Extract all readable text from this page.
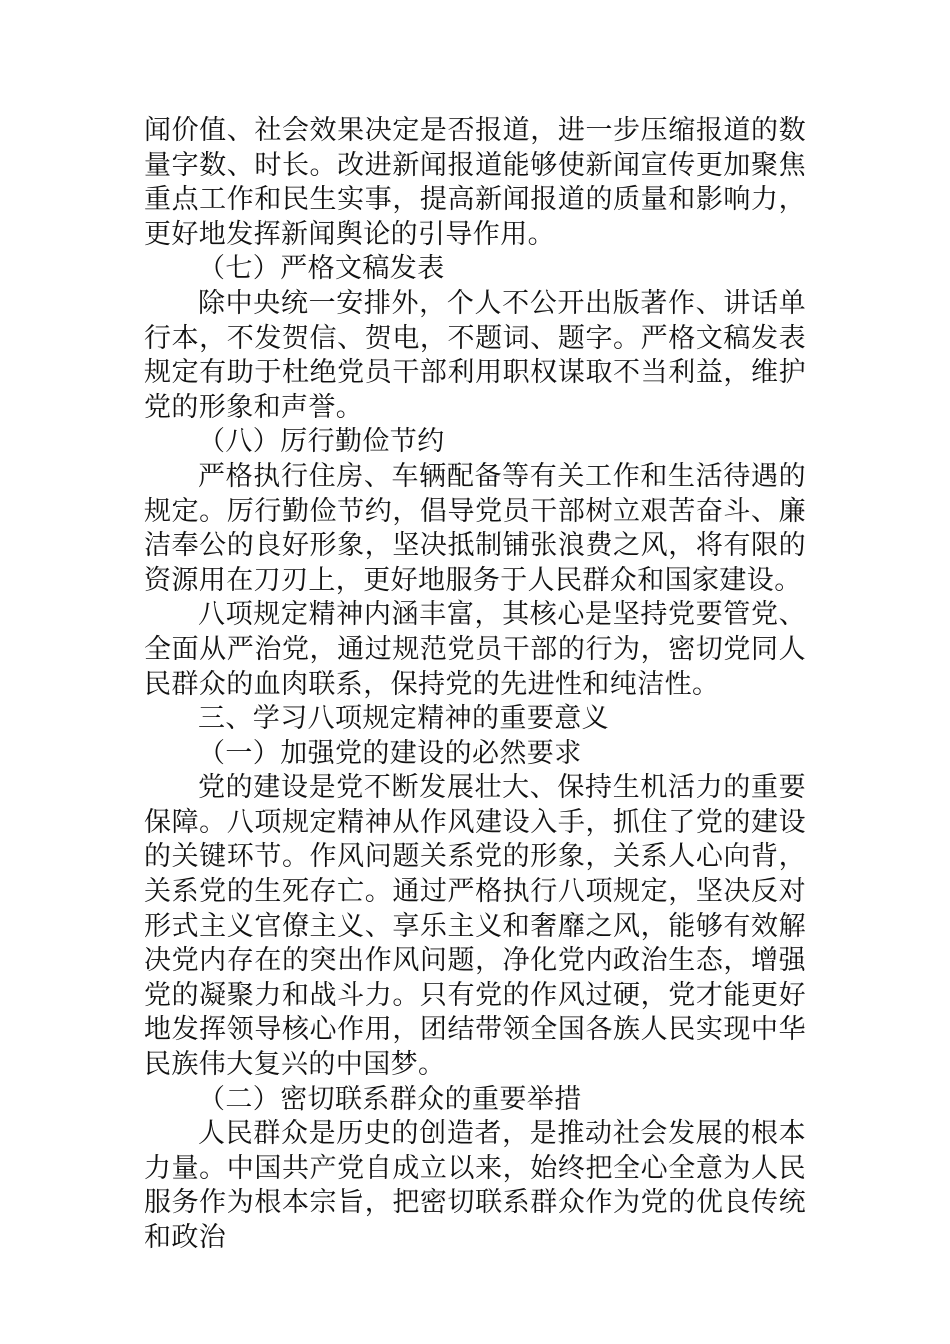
闻价值、社会效果决定是否报道，进一步压缩报道的数量字数、时长。改进新闻报道能够使新闻宣传更加聚焦重点工作和民生实事，提高新闻报道的质量和影响力，更好地发挥新闻舆论的引导作用。

（七）严格文稿发表

除中央统一安排外，个人不公开出版著作、讲话单行本，不发贺信、贺电，不题词、题字。严格文稿发表规定有助于杜绝党员干部利用职权谋取不当利益，维护党的形象和声誉。

（八）厉行勤俭节约

严格执行住房、车辆配备等有关工作和生活待遇的规定。厉行勤俭节约，倡导党员干部树立艰苦奋斗、廉洁奉公的良好形象，坚决抵制铺张浪费之风，将有限的资源用在刀刃上，更好地服务于人民群众和国家建设。

八项规定精神内涵丰富，其核心是坚持党要管党、全面从严治党，通过规范党员干部的行为，密切党同人民群众的血肉联系，保持党的先进性和纯洁性。

三、学习八项规定精神的重要意义

（一）加强党的建设的必然要求

党的建设是党不断发展壮大、保持生机活力的重要保障。八项规定精神从作风建设入手，抓住了党的建设的关键环节。作风问题关系党的形象，关系人心向背，关系党的生死存亡。通过严格执行八项规定，坚决反对形式主义官僚主义、享乐主义和奢靡之风，能够有效解决党内存在的突出作风问题，净化党内政治生态，增强党的凝聚力和战斗力。只有党的作风过硬，党才能更好地发挥领导核心作用，团结带领全国各族人民实现中华民族伟大复兴的中国梦。

（二）密切联系群众的重要举措

人民群众是历史的创造者，是推动社会发展的根本力量。中国共产党自成立以来，始终把全心全意为人民服务作为根本宗旨，把密切联系群众作为党的优良传统和政治
